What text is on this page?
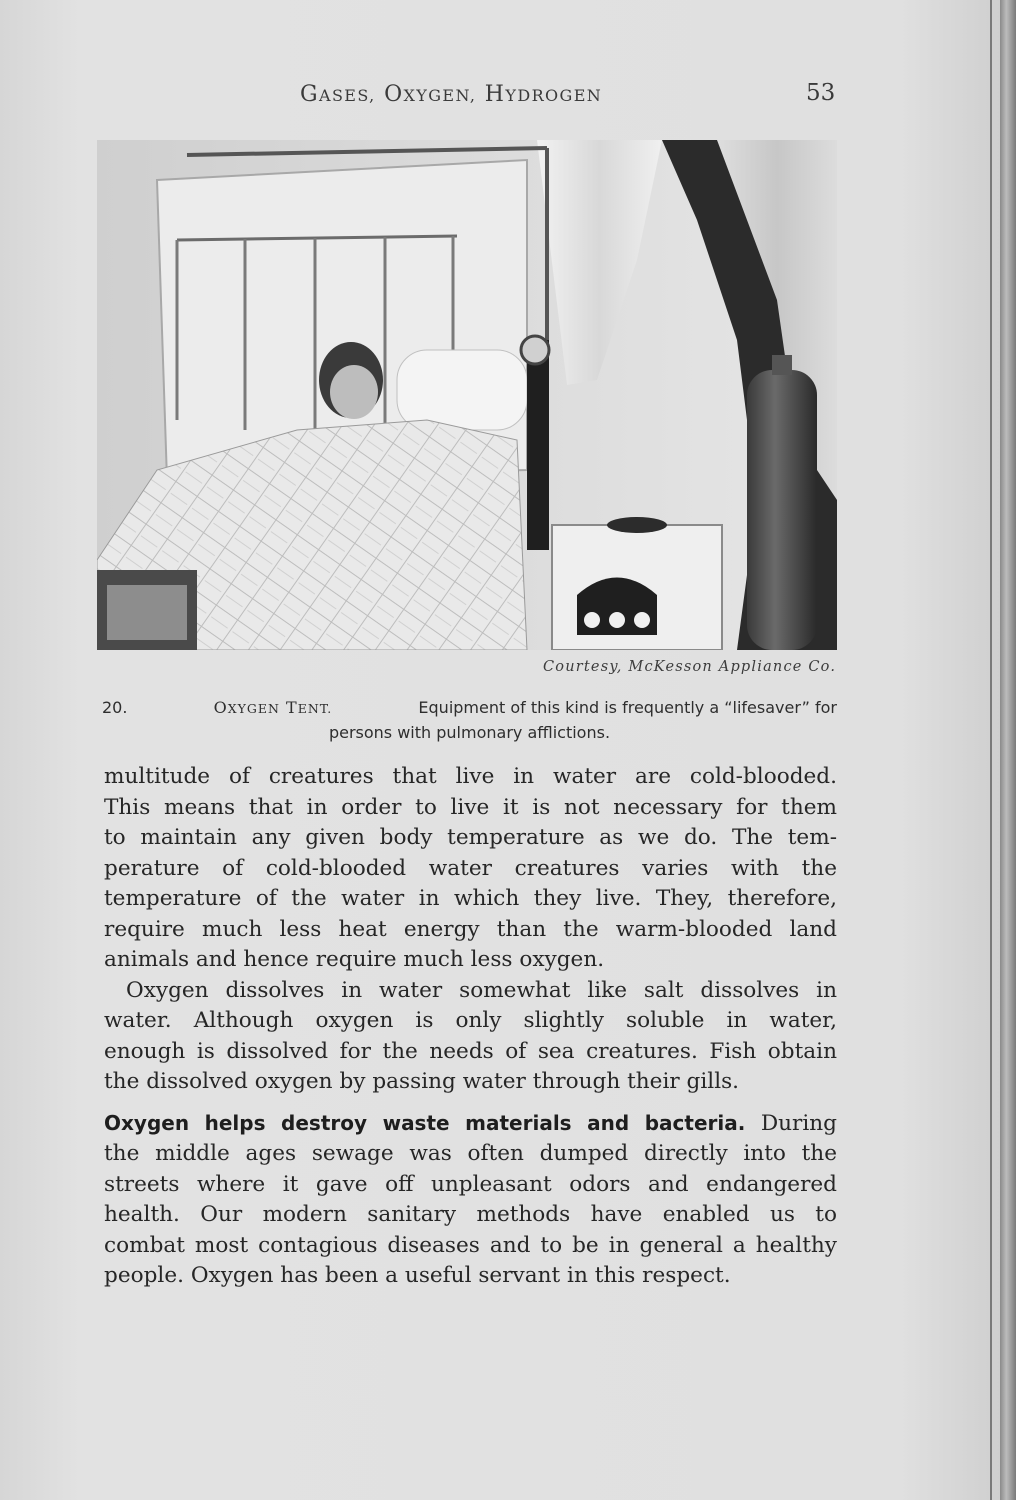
GASES, OXYGEN, HYDROGEN	53
Courtesy, McKesson Appliance Co.
20.	OXYGEN TENT.	Equipment of this kind is frequently a “lifesaver” for
persons with pulmonary afflictions.

multitude of creatures that live in water are cold-blooded.

This means that in order to live it is not necessary for them

to maintain any given body temperature as we do. The tem-

perature of cold-blooded water creatures varies with the

temperature of the water in which they live. They, therefore,

require much less heat energy than the warm-blooded land

animals and hence require much less oxygen.

Oxygen dissolves in water somewhat like salt dissolves in

water. Although oxygen is only slightly soluble in water,

enough is dissolved for the needs of sea creatures. Fish obtain

the dissolved oxygen by passing water through their gills.

Oxygen helps destroy waste materials and bacteria. During

the middle ages sewage was often dumped directly into the

streets where it gave off unpleasant odors and endangered

health. Our modern sanitary methods have enabled us to

combat most contagious diseases and to be in general a healthy

people. Oxygen has been a useful servant in this respect.
